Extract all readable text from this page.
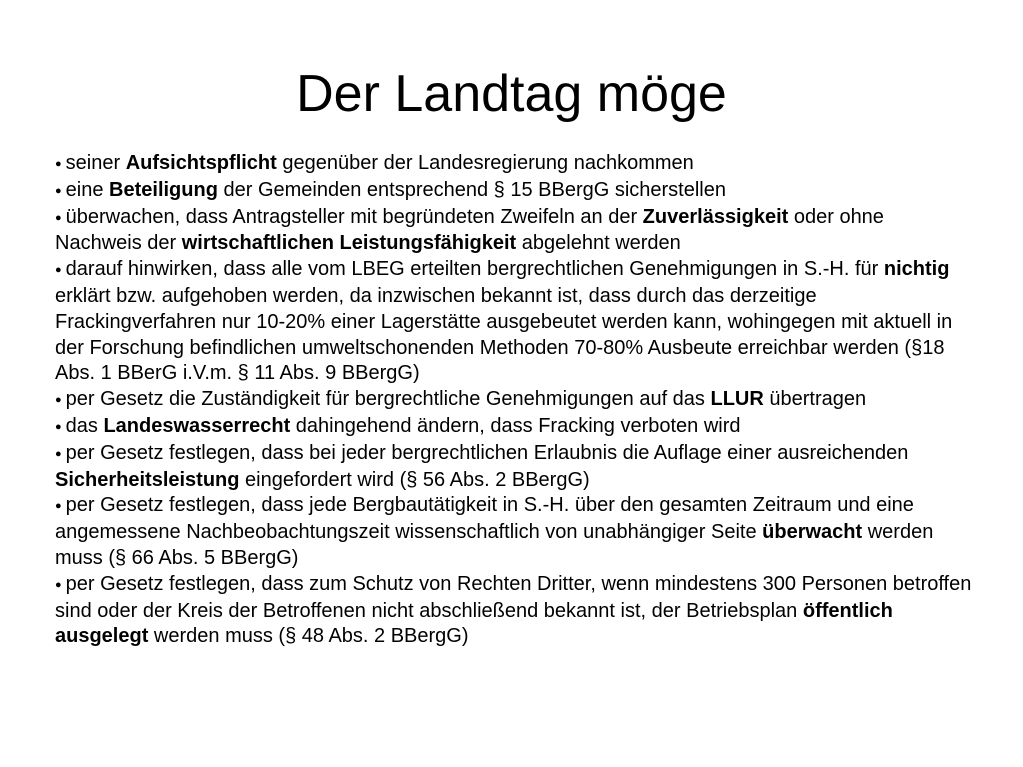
Der Landtag möge
● seiner Aufsichtspflicht gegenüber der Landesregierung nachkommen
● eine Beteiligung der Gemeinden entsprechend § 15 BBergG sicherstellen
● überwachen, dass Antragsteller mit begründeten Zweifeln an der Zuverlässigkeit oder ohne Nachweis der wirtschaftlichen Leistungsfähigkeit abgelehnt werden
● darauf hinwirken, dass alle vom LBEG erteilten bergrechtlichen Genehmigungen in S.-H. für nichtig erklärt bzw. aufgehoben werden, da inzwischen bekannt ist, dass durch das derzeitige Frackingverfahren nur 10-20% einer Lagerstätte ausgebeutet werden kann, wohingegen mit aktuell in der Forschung befindlichen umweltschonenden Methoden 70-80% Ausbeute erreichbar werden (§18 Abs. 1 BBerG i.V.m. § 11 Abs. 9 BBergG)
● per Gesetz die Zuständigkeit für bergrechtliche Genehmigungen auf das LLUR übertragen
● das Landeswasserrecht dahingehend ändern, dass Fracking verboten wird
● per Gesetz festlegen, dass bei jeder bergrechtlichen Erlaubnis die Auflage einer ausreichenden Sicherheitsleistung eingefordert wird (§ 56 Abs. 2 BBergG)
● per Gesetz festlegen, dass jede Bergbautätigkeit in S.-H. über den gesamten Zeitraum und eine angemessene Nachbeobachtungszeit wissenschaftlich von unabhängiger Seite überwacht werden muss (§ 66 Abs. 5 BBergG)
● per Gesetz festlegen, dass zum Schutz von Rechten Dritter, wenn mindestens 300 Personen betroffen sind oder der Kreis der Betroffenen nicht abschließend bekannt ist, der Betriebsplan öffentlich ausgelegt werden muss (§ 48 Abs. 2 BBergG)
